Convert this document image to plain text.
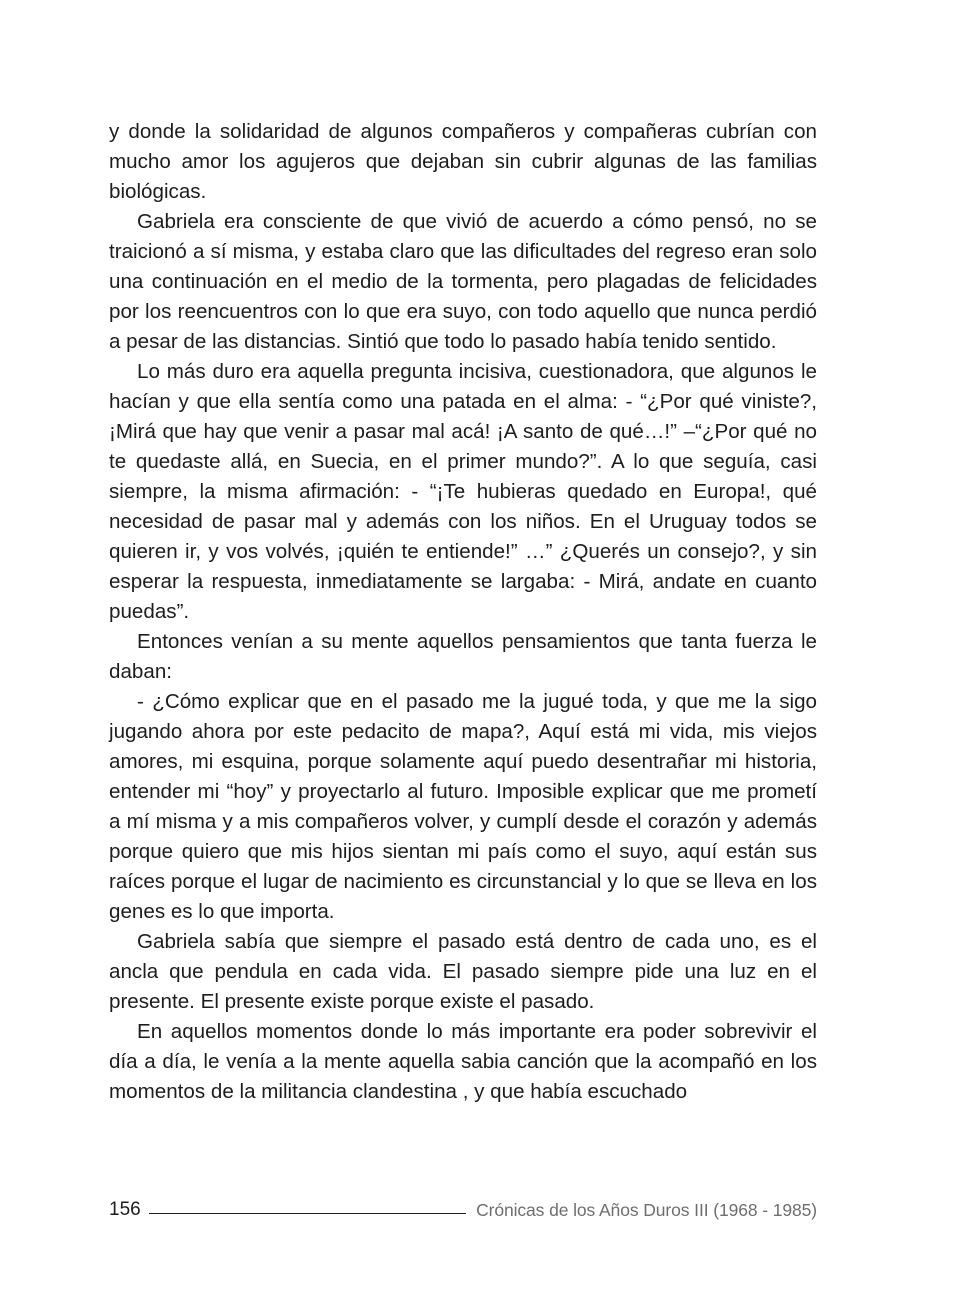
y donde la solidaridad de algunos compañeros y compañeras cubrían con mucho amor los agujeros que dejaban sin cubrir algunas de las familias biológicas.

Gabriela era consciente de que vivió de acuerdo a cómo pensó, no se traicionó a sí misma, y estaba claro que las dificultades del regreso eran solo una continuación en el medio de la tormenta, pero plagadas de felicidades por los reencuentros con lo que era suyo, con todo aquello que nunca perdió a pesar de las distancias. Sintió que todo lo pasado había tenido sentido.

Lo más duro era aquella pregunta incisiva, cuestionadora, que algunos le hacían y que ella sentía como una patada en el alma: - “¿Por qué viniste?, ¡Mirá que hay que venir a pasar mal acá! ¡A santo de qué…!” –“¿Por qué no te quedaste allá, en Suecia, en el primer mundo?”. A lo que seguía, casi siempre, la misma afirmación: - “¡Te hubieras quedado en Europa!, qué necesidad de pasar mal y además con los niños. En el Uruguay todos se quieren ir, y vos volvés, ¡quién te entiende!” …” ¿Querés un consejo?, y sin esperar la respuesta, inmediatamente se largaba: - Mirá, andate en cuanto puedas”.

Entonces venían a su mente aquellos pensamientos que tanta fuerza le daban:

- ¿Cómo explicar que en el pasado me la jugué toda, y que me la sigo jugando ahora por este pedacito de mapa?, Aquí está mi vida, mis viejos amores, mi esquina, porque solamente aquí puedo desentrañar mi historia, entender mi “hoy” y proyectarlo al futuro. Imposible explicar que me prometí a mí misma y a mis compañeros volver, y cumplí desde el corazón y además porque quiero que mis hijos sientan mi país como el suyo, aquí están sus raíces porque el lugar de nacimiento es circunstancial y lo que se lleva en los genes es lo que importa.

Gabriela sabía que siempre el pasado está dentro de cada uno, es el ancla que pendula en cada vida. El pasado siempre pide una luz en el presente. El presente existe porque existe el pasado.

En aquellos momentos donde lo más importante era poder sobrevivir el día a día, le venía a la mente aquella sabia canción que la acompañó en los momentos de la militancia clandestina , y que había escuchado

156	Crónicas de los Años Duros III (1968 - 1985)
